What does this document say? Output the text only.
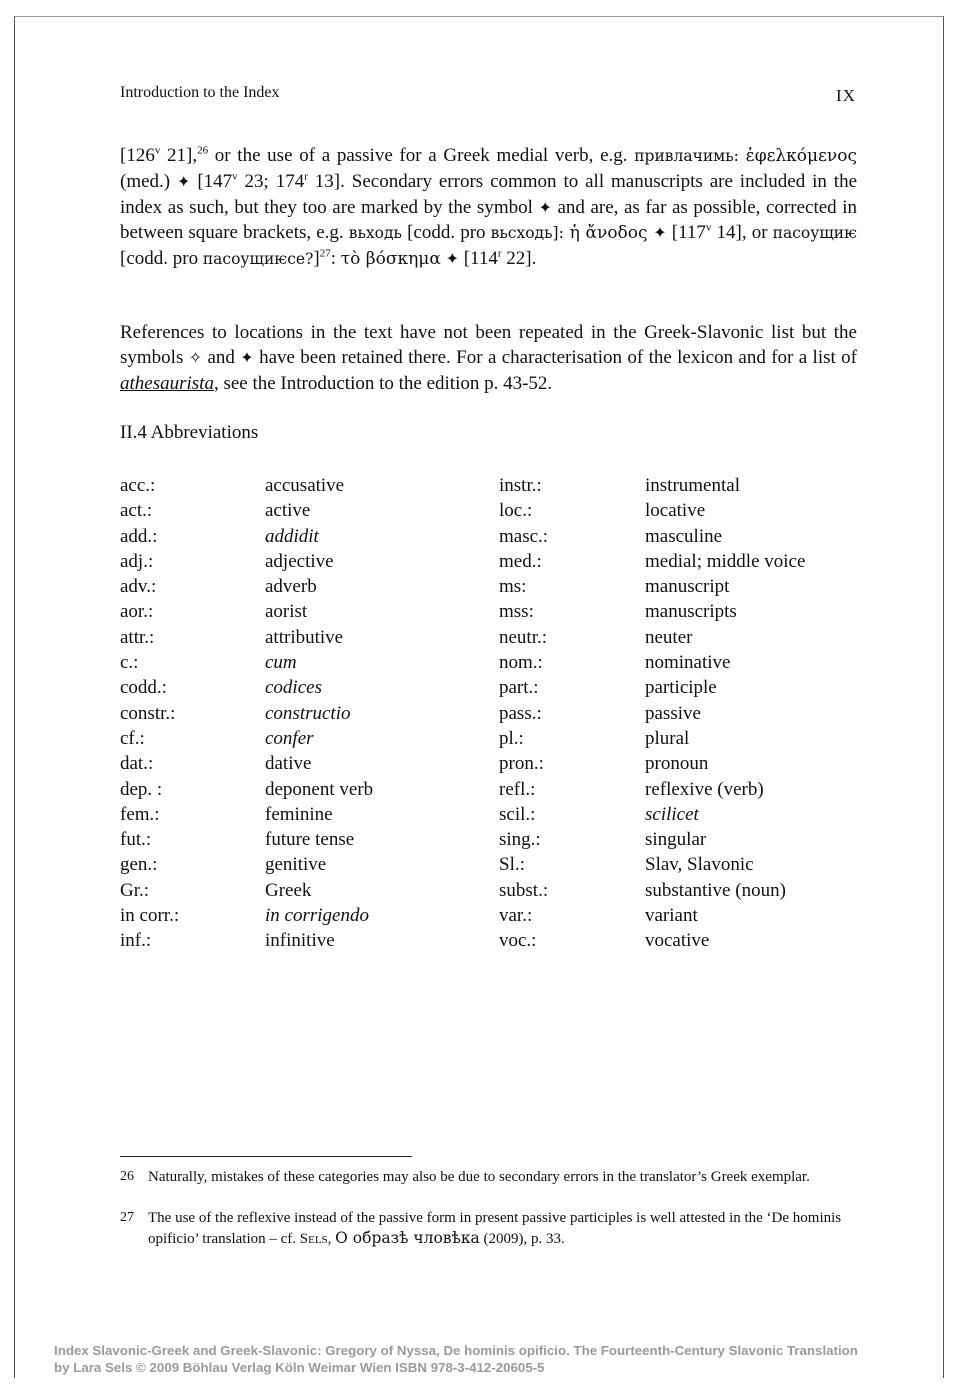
Introduction to the Index	IX
[126$^v$ 21],$^{26}$ or the use of a passive for a Greek medial verb, e.g. привлачимь: ἐφελκόμενος (med.) ✦ [147$^v$ 23; 174$^r$ 13]. Secondary errors common to all manuscripts are included in the index as such, but they too are marked by the symbol ✦ and are, as far as possible, corrected in between square brackets, e.g. вьходь [codd. pro вьсходь]: ἡ ἄνοδος ✦ [117$^v$ 14], or пасоущиѥ [codd. pro пасоущиѥсе?]$^{27}$: τὸ βόσκημα ✦ [114$^r$ 22].
References to locations in the text have not been repeated in the Greek-Slavonic list but the symbols ✧ and ✦ have been retained there. For a characterisation of the lexicon and for a list of athesaurista, see the Introduction to the edition p. 43-52.
II.4 Abbreviations
acc.:	accusative	instr.:	instrumental
act.:	active	loc.:	locative
add.:	addidit	masc.:	masculine
adj.:	adjective	med.:	medial; middle voice
adv.:	adverb	ms:	manuscript
aor.:	aorist	mss:	manuscripts
attr.:	attributive	neutr.:	neuter
c.:	cum	nom.:	nominative
codd.:	codices	part.:	participle
constr.:	constructio	pass.:	passive
cf.:	confer	pl.:	plural
dat.:	dative	pron.:	pronoun
dep. :	deponent verb	refl.:	reflexive (verb)
fem.:	feminine	scil.:	scilicet
fut.:	future tense	sing.:	singular
gen.:	genitive	Sl.:	Slav, Slavonic
Gr.:	Greek	subst.:	substantive (noun)
in corr.:	in corrigendo	var.:	variant
inf.:	infinitive	voc.:	vocative
26 Naturally, mistakes of these categories may also be due to secondary errors in the translator’s Greek exemplar.
27 The use of the reflexive instead of the passive form in present passive participles is well attested in the ‘De hominis opificio’ translation – cf. Sels, О образѣ чловѣка (2009), p. 33.
Index Slavonic-Greek and Greek-Slavonic: Gregory of Nyssa, De hominis opificio. The Fourteenth-Century Slavonic Translation
by Lara Sels © 2009 Böhlau Verlag Köln Weimar Wien ISBN 978-3-412-20605-5
